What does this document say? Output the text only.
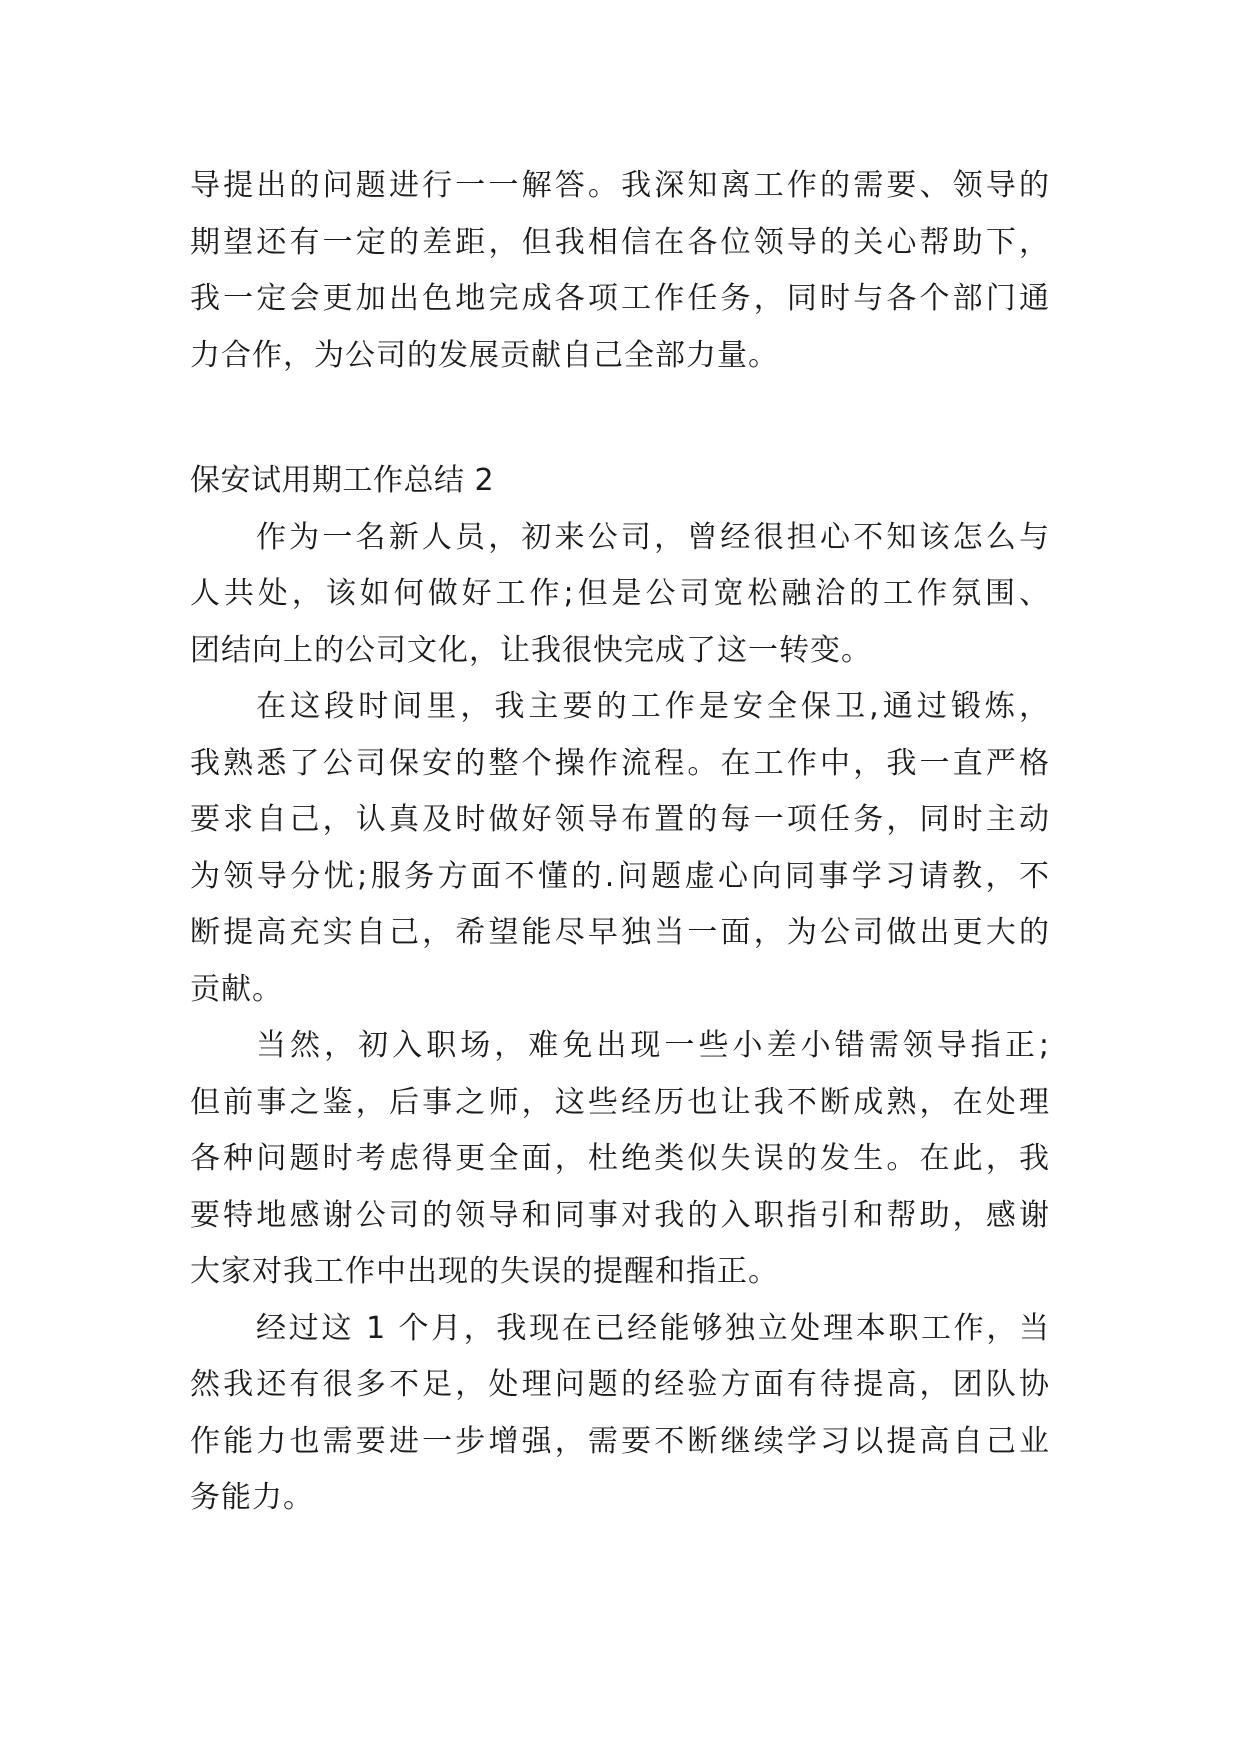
导提出的问题进行一一解答。我深知离工作的需要、领导的
期望还有一定的差距，但我相信在各位领导的关心帮助下，
我一定会更加出色地完成各项工作任务，同时与各个部门通
力合作，为公司的发展贡献自己全部力量。
保安试用期工作总结 2
作为一名新人员，初来公司，曾经很担心不知该怎么与
人共处，该如何做好工作;但是公司宽松融洽的工作氛围、
团结向上的公司文化，让我很快完成了这一转变。
在这段时间里，我主要的工作是安全保卫,通过锻炼，
我熟悉了公司保安的整个操作流程。在工作中，我一直严格
要求自己，认真及时做好领导布置的每一项任务，同时主动
为领导分忧;服务方面不懂的.问题虚心向同事学习请教，不
断提高充实自己，希望能尽早独当一面，为公司做出更大的
贡献。
当然，初入职场，难免出现一些小差小错需领导指正;
但前事之鉴，后事之师，这些经历也让我不断成熟，在处理
各种问题时考虑得更全面，杜绝类似失误的发生。在此，我
要特地感谢公司的领导和同事对我的入职指引和帮助，感谢
大家对我工作中出现的失误的提醒和指正。
经过这 1 个月，我现在已经能够独立处理本职工作，当
然我还有很多不足，处理问题的经验方面有待提高，团队协
作能力也需要进一步增强，需要不断继续学习以提高自己业
务能力。
